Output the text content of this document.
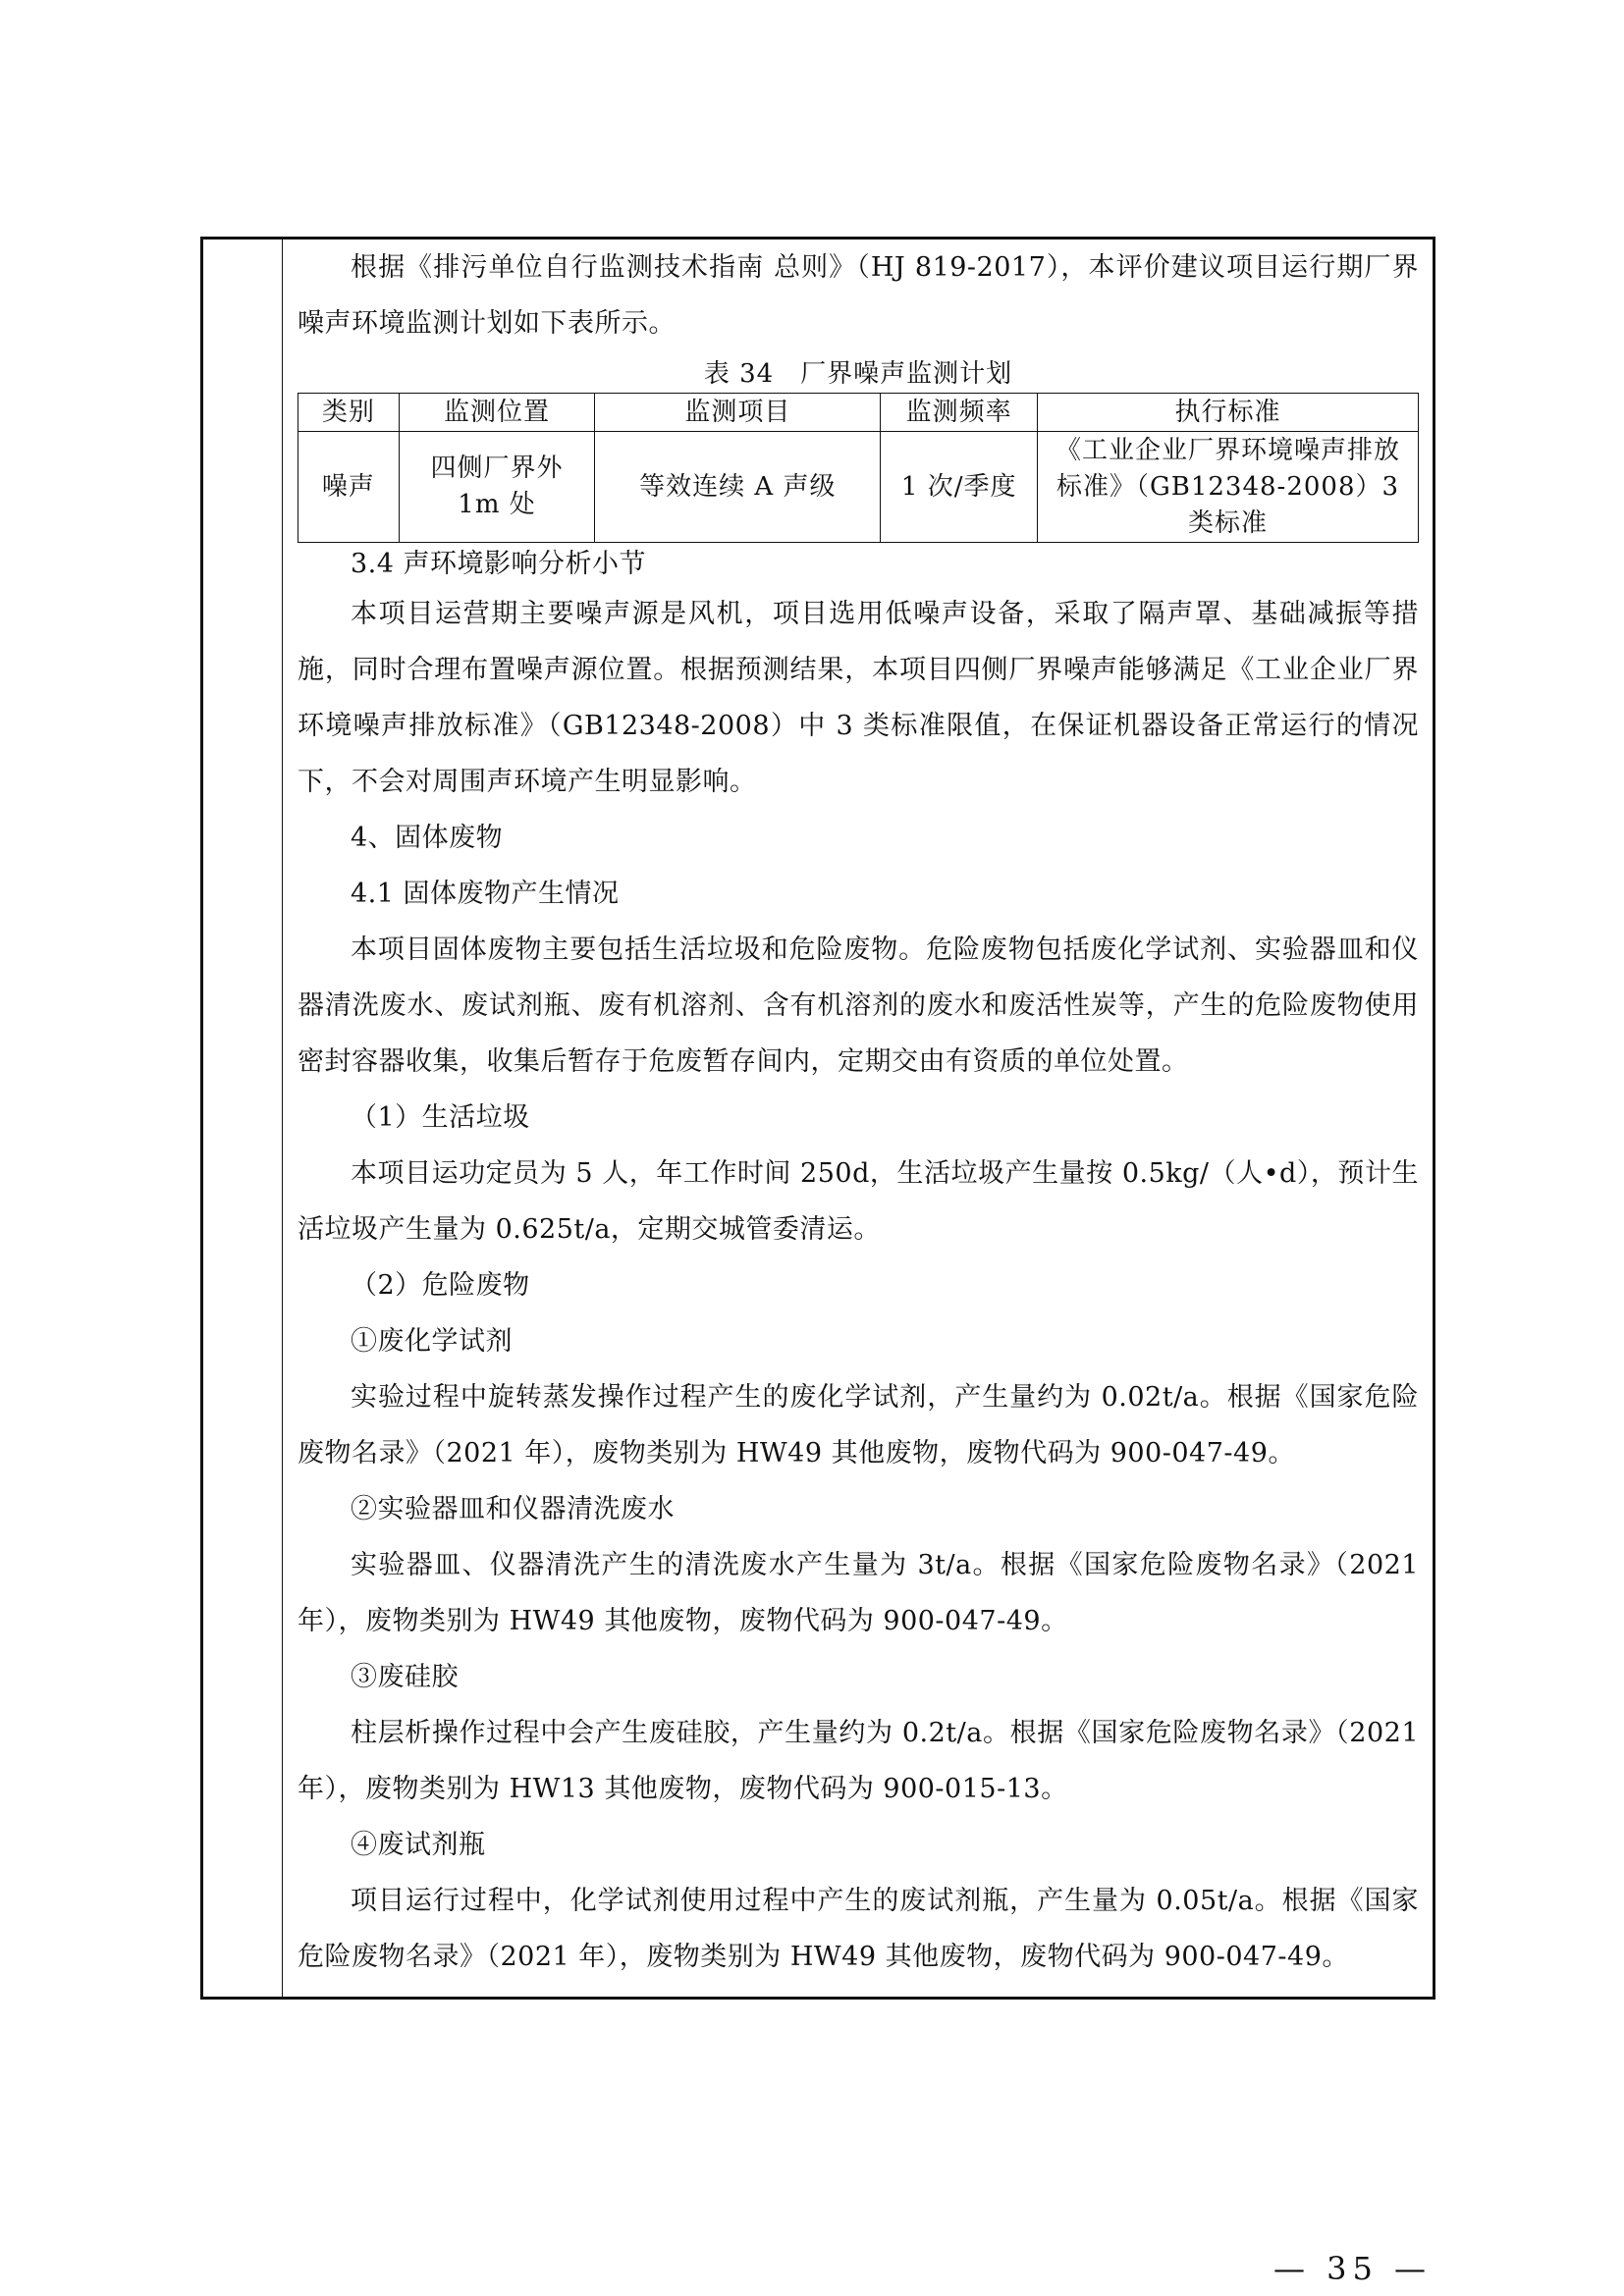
根据《排污单位自行监测技术指南 总则》（HJ 819-2017），本评价建议项目运行期厂界噪声环境监测计划如下表所示。

表 34　厂界噪声监测计划
类别	监测位置	监测项目	监测频率	执行标准
噪声	四侧厂界外 1m 处	等效连续 A 声级	1 次/季度	《工业企业厂界环境噪声排放标准》（GB12348-2008）3 类标准

3.4 声环境影响分析小节

本项目运营期主要噪声源是风机，项目选用低噪声设备，采取了隔声罩、基础减振等措施，同时合理布置噪声源位置。根据预测结果，本项目四侧厂界噪声能够满足《工业企业厂界环境噪声排放标准》（GB12348-2008）中 3 类标准限值，在保证机器设备正常运行的情况下，不会对周围声环境产生明显影响。

4、固体废物

4.1 固体废物产生情况

本项目固体废物主要包括生活垃圾和危险废物。危险废物包括废化学试剂、实验器皿和仪器清洗废水、废试剂瓶、废有机溶剂、含有机溶剂的废水和废活性炭等，产生的危险废物使用密封容器收集，收集后暂存于危废暂存间内，定期交由有资质的单位处置。

（1）生活垃圾

本项目运功定员为 5 人，年工作时间 250d，生活垃圾产生量按 0.5kg/（人•d），预计生活垃圾产生量为 0.625t/a，定期交城管委清运。

（2）危险废物

①废化学试剂

实验过程中旋转蒸发操作过程产生的废化学试剂，产生量约为 0.02t/a。根据《国家危险废物名录》（2021 年），废物类别为 HW49 其他废物，废物代码为 900-047-49。

②实验器皿和仪器清洗废水

实验器皿、仪器清洗产生的清洗废水产生量为 3t/a。根据《国家危险废物名录》（2021 年），废物类别为 HW49 其他废物，废物代码为 900-047-49。

③废硅胶

柱层析操作过程中会产生废硅胶，产生量约为 0.2t/a。根据《国家危险废物名录》（2021 年），废物类别为 HW13 其他废物，废物代码为 900-015-13。

④废试剂瓶

项目运行过程中，化学试剂使用过程中产生的废试剂瓶，产生量为 0.05t/a。根据《国家危险废物名录》（2021 年），废物类别为 HW49 其他废物，废物代码为 900-047-49。

— 35 —
